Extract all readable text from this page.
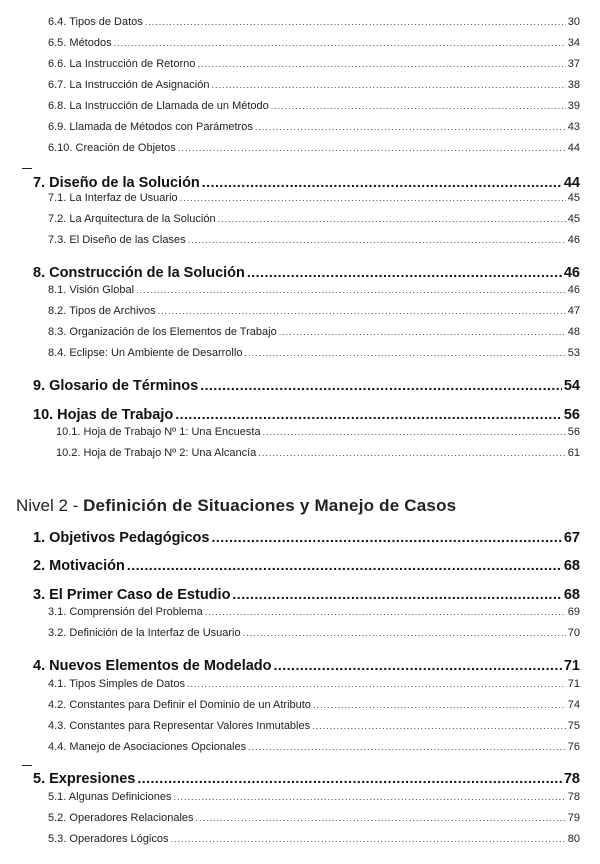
6.4. Tipos de Datos .....	30
6.5. Métodos .....	34
6.6. La Instrucción de Retorno .....	37
6.7. La Instrucción de Asignación .....	38
6.8. La Instrucción de Llamada de un Método .....	39
6.9. Llamada de Métodos con Parámetros .....	43
6.10. Creación de Objetos .....	44
7. Diseño de la Solución .....	44
7.1. La Interfaz de Usuario .....	45
7.2. La Arquitectura de la Solución .....	45
7.3. El Diseño de las Clases .....	46
8. Construcción de la Solución .....	46
8.1. Visión Global .....	46
8.2. Tipos de Archivos .....	47
8.3. Organización de los Elementos de Trabajo .....	48
8.4. Eclipse: Un Ambiente de Desarrollo .....	53
9. Glosario de Términos .....	54
10. Hojas de Trabajo .....	56
10.1. Hoja de Trabajo Nº 1: Una Encuesta .....	56
10.2. Hoja de Trabajo Nº 2: Una Alcancía .....	61
Nivel 2 - Definición de Situaciones y Manejo de Casos
1. Objetivos Pedagógicos .....	67
2. Motivación .....	68
3. El Primer Caso de Estudio .....	68
3.1. Comprensión del Problema .....	69
3.2. Definición de la Interfaz de Usuario .....	70
4. Nuevos Elementos de Modelado .....	71
4.1. Tipos Simples de Datos .....	71
4.2. Constantes para Definir el Dominio de un Atributo .....	74
4.3. Constantes para Representar Valores Inmutables .....	75
4.4. Manejo de Asociaciones Opcionales .....	76
5. Expresiones .....	78
5.1. Algunas Definiciones .....	78
5.2. Operadores Relacionales .....	79
5.3. Operadores Lógicos .....	80
